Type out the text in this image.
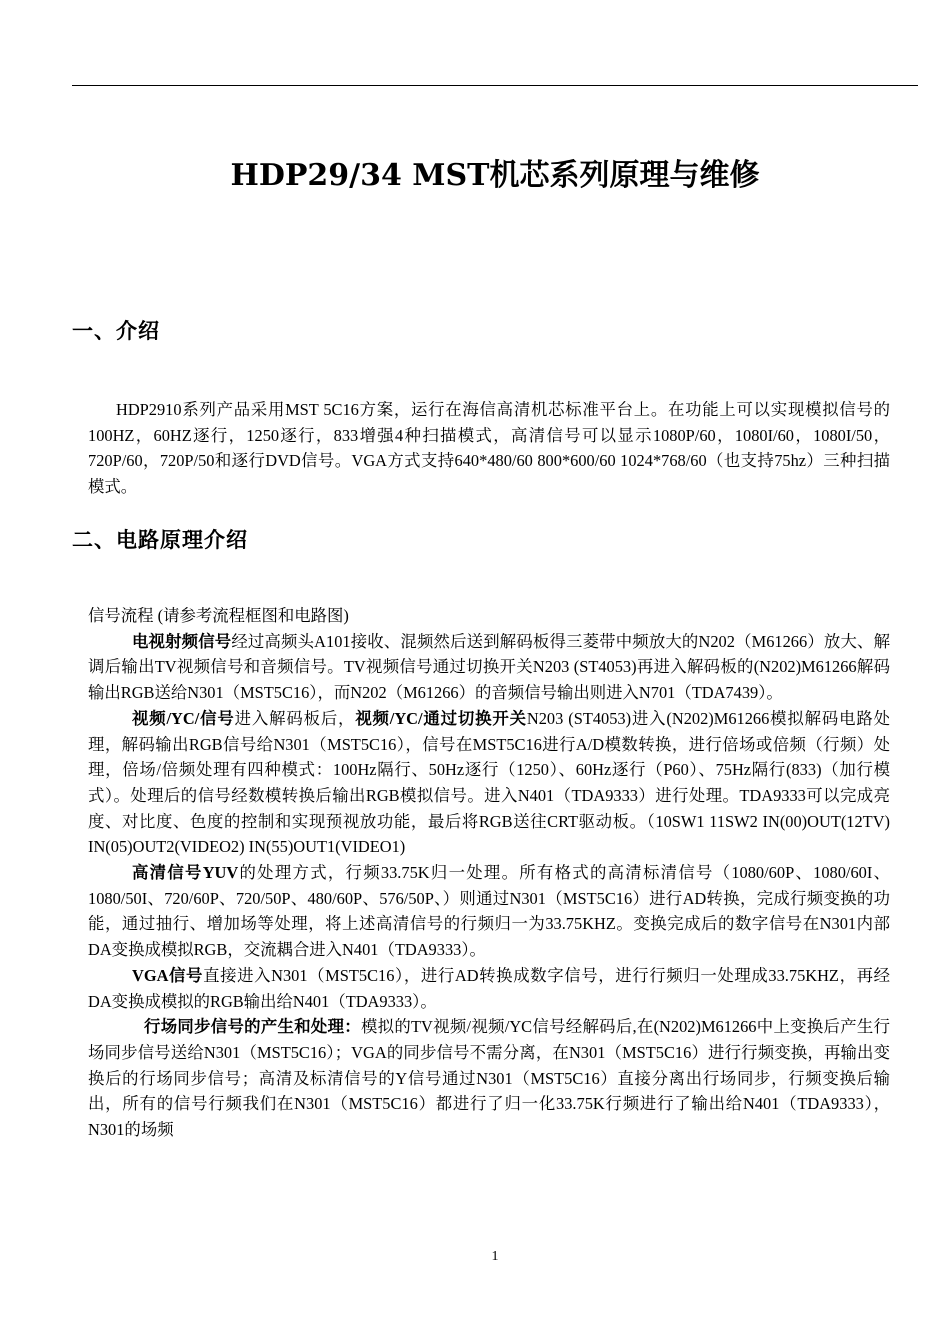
HDP29/34 MST机芯系列原理与维修
一、介绍

HDP2910系列产品采用MST 5C16方案，运行在海信高清机芯标准平台上。在功能上可以实现模拟信号的100HZ，60HZ逐行，1250逐行，833增强4种扫描模式，高清信号可以显示1080P/60，1080I/60，1080I/50，720P/60，720P/50和逐行DVD信号。VGA方式支持640*480/60 800*600/60 1024*768/60（也支持75hz）三种扫描模式。

二、电路原理介绍

信号流程 (请参考流程框图和电路图)

电视射频信号经过高频头A101接收、混频然后送到解码板得三菱带中频放大的N202（M61266）放大、解调后输出TV视频信号和音频信号。TV视频信号通过切换开关N203 (ST4053)再进入解码板的(N202)M61266解码输出RGB送给N301（MST5C16），而N202（M61266）的音频信号输出则进入N701（TDA7439）。

视频/YC/信号进入解码板后，视频/YC/通过切换开关N203 (ST4053)进入(N202)M61266模拟解码电路处理，解码输出RGB信号给N301（MST5C16），信号在MST5C16进行A/D模数转换，进行倍场或倍频（行频）处理，倍场/倍频处理有四种模式：100Hz隔行、50Hz逐行（1250）、60Hz逐行（P60）、75Hz隔行(833)（加行模式）。处理后的信号经数模转换后输出RGB模拟信号。进入N401（TDA9333）进行处理。TDA9333可以完成亮度、对比度、色度的控制和实现预视放功能，最后将RGB送往CRT驱动板。（10SW1 11SW2 IN(00)OUT(12TV) IN(05)OUT2(VIDEO2) IN(55)OUT1(VIDEO1)

高清信号YUV的处理方式，行频33.75K归一处理。所有格式的高清标清信号（1080/60P、1080/60I、1080/50I、720/60P、720/50P、480/60P、576/50P、）则通过N301（MST5C16）进行AD转换，完成行频变换的功能，通过抽行、增加场等处理，将上述高清信号的行频归一为33.75KHZ。变换完成后的数字信号在N301内部DA变换成模拟RGB，交流耦合进入N401（TDA9333）。

VGA信号直接进入N301（MST5C16），进行AD转换成数字信号，进行行频归一处理成33.75KHZ，再经DA变换成模拟的RGB输出给N401（TDA9333）。

行场同步信号的产生和处理：模拟的TV视频/视频/YC信号经解码后,在(N202)M61266中上变换后产生行场同步信号送给N301（MST5C16）；VGA的同步信号不需分离，在N301（MST5C16）进行行频变换，再输出变换后的行场同步信号；高清及标清信号的Y信号通过N301（MST5C16）直接分离出行场同步，行频变换后输出，所有的信号行频我们在N301（MST5C16）都进行了归一化33.75K行频进行了输出给N401（TDA9333），N301的场频

1
